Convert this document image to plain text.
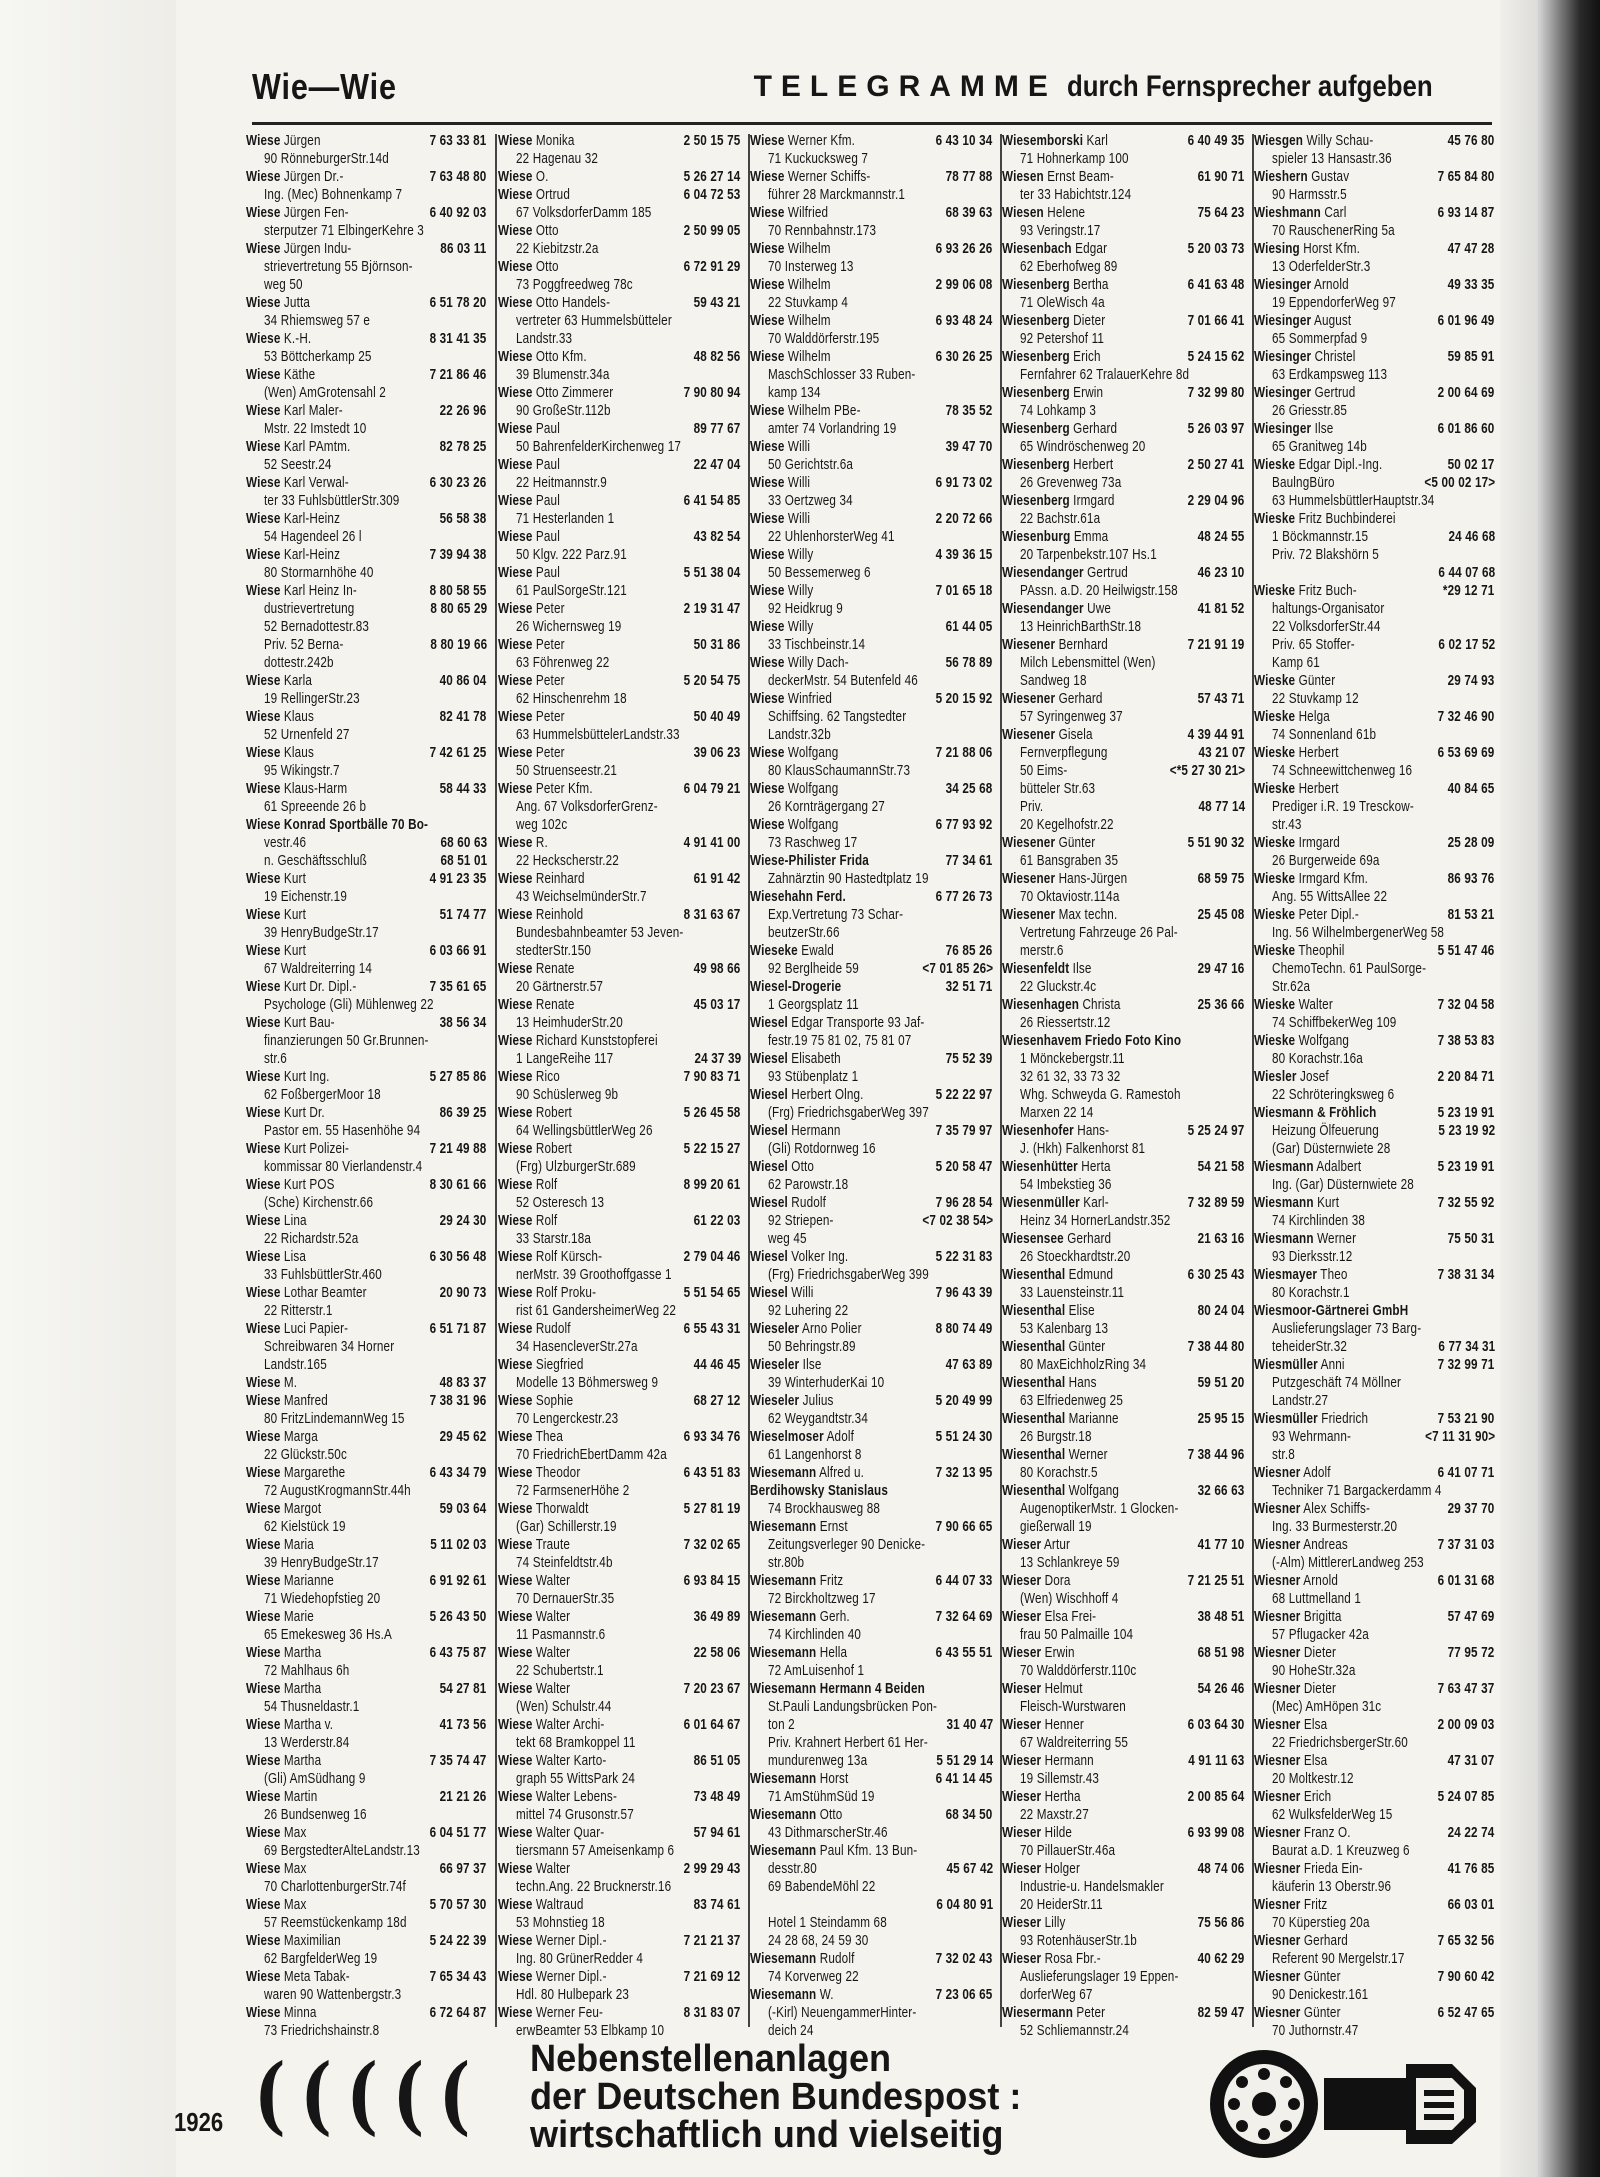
Wie—Wie	TELEGRAMME durch Fernsprecher aufgeben
Wiese Jürgen	7 63 33 81
90 RönneburgerStr.14d
Wiese Jürgen Dr.-	7 63 48 80
Ing. (Mec) Bohnenkamp 7
Wiese Jürgen Fen-	6 40 92 03
sterputzer 71 ElbingerKehre 3
Wiese Jürgen Indu-	86 03 11
strievertretung 55 Björnson-
weg 50
Wiese Jutta	6 51 78 20
34 Rhiemsweg 57 e
Wiese K.-H.	8 31 41 35
53 Böttcherkamp 25
Wiese Käthe	7 21 86 46
(Wen) AmGrotensahl 2
Wiese Karl Maler-	22 26 96
Mstr. 22 Imstedt 10
Wiese Karl PAmtm.	82 78 25
52 Seestr.24
Wiese Karl Verwal-	6 30 23 26
ter 33 FuhlsbüttlerStr.309
Wiese Karl-Heinz	56 58 38
54 Hagendeel 26 l
Wiese Karl-Heinz	7 39 94 38
80 Stormarnhöhe 40
Wiese Karl Heinz In-	8 80 58 55
dustrievertretung	8 80 65 29
52 Bernadottestr.83
Priv. 52 Berna-	8 80 19 66
dottestr.242b
Wiese Karla	40 86 04
19 RellingerStr.23
Wiese Klaus	82 41 78
52 Urnenfeld 27
Wiese Klaus	7 42 61 25
95 Wikingstr.7
Wiese Klaus-Harm	58 44 33
61 Spreeende 26 b
Wiese Konrad Sportbälle 70 Bo-
vestr.46	68 60 63
n. Geschäftsschluß	68 51 01
Wiese Kurt	4 91 23 35
19 Eichenstr.19
Wiese Kurt	51 74 77
39 HenryBudgeStr.17
Wiese Kurt	6 03 66 91
67 Waldreiterring 14
Wiese Kurt Dr. Dipl.-	7 35 61 65
Psychologe (Gli) Mühlenweg 22
Wiese Kurt Bau-	38 56 34
finanzierungen 50 Gr.Brunnen-
str.6
Wiese Kurt Ing.	5 27 85 86
62 FoßbergerMoor 18
Wiese Kurt Dr.	86 39 25
Pastor em. 55 Hasenhöhe 94
Wiese Kurt Polizei-	7 21 49 88
kommissar 80 Vierlandenstr.4
Wiese Kurt POS	8 30 61 66
(Sche) Kirchenstr.66
Wiese Lina	29 24 30
22 Richardstr.52a
Wiese Lisa	6 30 56 48
33 FuhlsbüttlerStr.460
Wiese Lothar Beamter	20 90 73
22 Ritterstr.1
Wiese Luci Papier-	6 51 71 87
Schreibwaren 34 Horner
Landstr.165
Wiese M.	48 83 37
Wiese Manfred	7 38 31 96
80 FritzLindemannWeg 15
Wiese Marga	29 45 62
22 Glückstr.50c
Wiese Margarethe	6 43 34 79
72 AugustKrogmannStr.44h
Wiese Margot	59 03 64
62 Kielstück 19
Wiese Maria	5 11 02 03
39 HenryBudgeStr.17
Wiese Marianne	6 91 92 61
71 Wiedehopfstieg 20
Wiese Marie	5 26 43 50
65 Emekesweg 36 Hs.A
Wiese Martha	6 43 75 87
72 Mahlhaus 6h
Wiese Martha	54 27 81
54 Thusneldastr.1
Wiese Martha v.	41 73 56
13 Werderstr.84
Wiese Martha	7 35 74 47
(Gli) AmSüdhang 9
Wiese Martin	21 21 26
26 Bundsenweg 16
Wiese Max	6 04 51 77
69 BergstedterAlteLandstr.13
Wiese Max	66 97 37
70 CharlottenburgerStr.74f
Wiese Max	5 70 57 30
57 Reemstückenkamp 18d
Wiese Maximilian	5 24 22 39
62 BargfelderWeg 19
Wiese Meta Tabak-	7 65 34 43
waren 90 Wattenbergstr.3
Wiese Minna	6 72 64 87
73 Friedrichshainstr.8
Wiese Monika	2 50 15 75
22 Hagenau 32
Wiese O.	5 26 27 14
Wiese Ortrud	6 04 72 53
67 VolksdorferDamm 185
Wiese Otto	2 50 99 05
22 Kiebitzstr.2a
Wiese Otto	6 72 91 29
73 Poggfreedweg 78c
Wiese Otto Handels-	59 43 21
vertreter 63 Hummelsbütteler
Landstr.33
Wiese Otto Kfm.	48 82 56
39 Blumenstr.34a
Wiese Otto Zimmerer	7 90 80 94
90 GroßeStr.112b
Wiese Paul	89 77 67
50 BahrenfelderKirchenweg 17
Wiese Paul	22 47 04
22 Heitmannstr.9
Wiese Paul	6 41 54 85
71 Hesterlanden 1
Wiese Paul	43 82 54
50 Klgv. 222 Parz.91
Wiese Paul	5 51 38 04
61 PaulSorgeStr.121
Wiese Peter	2 19 31 47
26 Wichernsweg 19
Wiese Peter	50 31 86
63 Föhrenweg 22
Wiese Peter	5 20 54 75
62 Hinschenrehm 18
Wiese Peter	50 40 49
63 HummelsbüttelerLandstr.33
Wiese Peter	39 06 23
50 Struenseestr.21
Wiese Peter Kfm.	6 04 79 21
Ang. 67 VolksdorferGrenz-
weg 102c
Wiese R.	4 91 41 00
22 Heckscherstr.22
Wiese Reinhard	61 91 42
43 WeichselmünderStr.7
Wiese Reinhold	8 31 63 67
Bundesbahnbeamter 53 Jeven-
stedterStr.150
Wiese Renate	49 98 66
20 Gärtnerstr.57
Wiese Renate	45 03 17
13 HeimhuderStr.20
Wiese Richard Kunststopferei
1 LangeReihe 117	24 37 39
Wiese Rico	7 90 83 71
90 Schüslerweg 9b
Wiese Robert	5 26 45 58
64 WellingsbüttlerWeg 26
Wiese Robert	5 22 15 27
(Frg) UlzburgerStr.689
Wiese Rolf	8 99 20 61
52 Osteresch 13
Wiese Rolf	61 22 03
33 Starstr.18a
Wiese Rolf Kürsch-	2 79 04 46
nerMstr. 39 Groothoffgasse 1
Wiese Rolf Proku-	5 51 54 65
rist 61 GandersheimerWeg 22
Wiese Rudolf	6 55 43 31
34 HasencleverStr.27a
Wiese Siegfried	44 46 45
Modelle 13 Böhmersweg 9
Wiese Sophie	68 27 12
70 Lengerckestr.23
Wiese Thea	6 93 34 76
70 FriedrichEbertDamm 42a
Wiese Theodor	6 43 51 83
72 FarmsenerHöhe 2
Wiese Thorwaldt	5 27 81 19
(Gar) Schillerstr.19
Wiese Traute	7 32 02 65
74 Steinfeldtstr.4b
Wiese Walter	6 93 84 15
70 DernauerStr.35
Wiese Walter	36 49 89
11 Pasmannstr.6
Wiese Walter	22 58 06
22 Schubertstr.1
Wiese Walter	7 20 23 67
(Wen) Schulstr.44
Wiese Walter Archi-	6 01 64 67
tekt 68 Bramkoppel 11
Wiese Walter Karto-	86 51 05
graph 55 WittsPark 24
Wiese Walter Lebens-	73 48 49
mittel 74 Grusonstr.57
Wiese Walter Quar-	57 94 61
tiersmann 57 Ameisenkamp 6
Wiese Walter	2 99 29 43
techn.Ang. 22 Brucknerstr.16
Wiese Waltraud	83 74 61
53 Mohnstieg 18
Wiese Werner Dipl.-	7 21 21 37
Ing. 80 GrünerRedder 4
Wiese Werner Dipl.-	7 21 69 12
Hdl. 80 Hulbepark 23
Wiese Werner Feu-	8 31 83 07
erwBeamter 53 Elbkamp 10
Wiese Werner Kfm.	6 43 10 34
71 Kuckucksweg 7
Wiese Werner Schiffs-	78 77 88
führer 28 Marckmannstr.1
Wiese Wilfried	68 39 63
70 Rennbahnstr.173
Wiese Wilhelm	6 93 26 26
70 Insterweg 13
Wiese Wilhelm	2 99 06 08
22 Stuvkamp 4
Wiese Wilhelm	6 93 48 24
70 Walddörferstr.195
Wiese Wilhelm	6 30 26 25
MaschSchlosser 33 Ruben-
kamp 134
Wiese Wilhelm PBe-	78 35 52
amter 74 Vorlandring 19
Wiese Willi	39 47 70
50 Gerichtstr.6a
Wiese Willi	6 91 73 02
33 Oertzweg 34
Wiese Willi	2 20 72 66
22 UhlenhorsterWeg 41
Wiese Willy	4 39 36 15
50 Bessemerweg 6
Wiese Willy	7 01 65 18
92 Heidkrug 9
Wiese Willy	61 44 05
33 Tischbeinstr.14
Wiese Willy Dach-	56 78 89
deckerMstr. 54 Butenfeld 46
Wiese Winfried	5 20 15 92
Schiffsing. 62 Tangstedter
Landstr.32b
Wiese Wolfgang	7 21 88 06
80 KlausSchaumannStr.73
Wiese Wolfgang	34 25 68
26 Kornträgergang 27
Wiese Wolfgang	6 77 93 92
73 Raschweg 17
Wiese-Philister Frida	77 34 61
Zahnärztin 90 Hastedtplatz 19
Wiesehahn Ferd.	6 77 26 73
Exp.Vertretung 73 Schar-
beutzerStr.66
Wieseke Ewald	76 85 26
92 Berglheide 59	<7 01 85 26>
Wiesel-Drogerie	32 51 71
1 Georgsplatz 11
Wiesel Edgar Transporte 93 Jaf-
festr.19 75 81 02, 75 81 07
Wiesel Elisabeth	75 52 39
93 Stübenplatz 1
Wiesel Herbert Olng.	5 22 22 97
(Frg) FriedrichsgaberWeg 397
Wiesel Hermann	7 35 79 97
(Gli) Rotdornweg 16
Wiesel Otto	5 20 58 47
62 Parowstr.18
Wiesel Rudolf	7 96 28 54
92 Striepen-	<7 02 38 54>
weg 45
Wiesel Volker Ing.	5 22 31 83
(Frg) FriedrichsgaberWeg 399
Wiesel Willi	7 96 43 39
92 Luhering 22
Wieseler Arno Polier	8 80 74 49
50 Behringstr.89
Wieseler Ilse	47 63 89
39 WinterhuderKai 10
Wieseler Julius	5 20 49 99
62 Weygandtstr.34
Wieselmoser Adolf	5 51 24 30
61 Langenhorst 8
Wiesemann Alfred u.	7 32 13 95
Berdihowsky Stanislaus
74 Brockhausweg 88
Wiesemann Ernst	7 90 66 65
Zeitungsverleger 90 Denicke-
str.80b
Wiesemann Fritz	6 44 07 33
72 Birckholtzweg 17
Wiesemann Gerh.	7 32 64 69
74 Kirchlinden 40
Wiesemann Hella	6 43 55 51
72 AmLuisenhof 1
Wiesemann Hermann 4 Beiden
St.Pauli Landungsbrücken Pon-
ton 2	31 40 47
Priv. Krahnert Herbert 61 Her-
mundurenweg 13a	5 51 29 14
Wiesemann Horst	6 41 14 45
71 AmStühmSüd 19
Wiesemann Otto	68 34 50
43 DithmarscherStr.46
Wiesemann Paul Kfm. 13 Bun-
desstr.80	45 67 42
69 BabendeMöhl 22
6 04 80 91
Hotel 1 Steindamm 68
24 28 68, 24 59 30
Wiesemann Rudolf	7 32 02 43
74 Korverweg 22
Wiesemann W.	7 23 06 65
(-Kirl) NeuengammerHinter-
deich 24
Wiesemborski Karl	6 40 49 35
71 Hohnerkamp 100
Wiesen Ernst Beam-	61 90 71
ter 33 Habichtstr.124
Wiesen Helene	75 64 23
93 Veringstr.17
Wiesenbach Edgar	5 20 03 73
62 Eberhofweg 89
Wiesenberg Bertha	6 41 63 48
71 OleWisch 4a
Wiesenberg Dieter	7 01 66 41
92 Petershof 11
Wiesenberg Erich	5 24 15 62
Fernfahrer 62 TralauerKehre 8d
Wiesenberg Erwin	7 32 99 80
74 Lohkamp 3
Wiesenberg Gerhard	5 26 03 97
65 Windröschenweg 20
Wiesenberg Herbert	2 50 27 41
26 Grevenweg 73a
Wiesenberg Irmgard	2 29 04 96
22 Bachstr.61a
Wiesenburg Emma	48 24 55
20 Tarpenbekstr.107 Hs.1
Wiesendanger Gertrud	46 23 10
PAssn. a.D. 20 Heilwigstr.158
Wiesendanger Uwe	41 81 52
13 HeinrichBarthStr.18
Wiesener Bernhard	7 21 91 19
Milch Lebensmittel (Wen)
Sandweg 18
Wiesener Gerhard	57 43 71
57 Syringenweg 37
Wiesener Gisela	4 39 44 91
Fernverpflegung	43 21 07
50 Eims-	<*5 27 30 21>
bütteler Str.63
Priv.	48 77 14
20 Kegelhofstr.22
Wiesener Günter	5 51 90 32
61 Bansgraben 35
Wiesener Hans-Jürgen	68 59 75
70 Oktaviostr.114a
Wiesener Max techn.	25 45 08
Vertretung Fahrzeuge 26 Pal-
merstr.6
Wiesenfeldt Ilse	29 47 16
22 Gluckstr.4c
Wiesenhagen Christa	25 36 66
26 Riessertstr.12
Wiesenhavem Friedo Foto Kino
1 Mönckebergstr.11
32 61 32, 33 73 32
Whg. Schweyda G. Ramestoh
Marxen 22 14
Wiesenhofer Hans-	5 25 24 97
J. (Hkh) Falkenhorst 81
Wiesenhütter Herta	54 21 58
54 Imbekstieg 36
Wiesenmüller Karl-	7 32 89 59
Heinz 34 HornerLandstr.352
Wiesensee Gerhard	21 63 16
26 Stoeckhardtstr.20
Wiesenthal Edmund	6 30 25 43
33 Lauensteinstr.11
Wiesenthal Elise	80 24 04
53 Kalenbarg 13
Wiesenthal Günter	7 38 44 80
80 MaxEichholzRing 34
Wiesenthal Hans	59 51 20
63 Elfriedenweg 25
Wiesenthal Marianne	25 95 15
26 Burgstr.18
Wiesenthal Werner	7 38 44 96
80 Korachstr.5
Wiesenthal Wolfgang	32 66 63
AugenoptikerMstr. 1 Glocken-
gießerwall 19
Wieser Artur	41 77 10
13 Schlankreye 59
Wieser Dora	7 21 25 51
(Wen) Wischhoff 4
Wieser Elsa Frei-	38 48 51
frau 50 Palmaille 104
Wieser Erwin	68 51 98
70 Walddörferstr.110c
Wieser Helmut	54 26 46
Fleisch-Wurstwaren
Wieser Henner	6 03 64 30
67 Waldreiterring 55
Wieser Hermann	4 91 11 63
19 Sillemstr.43
Wieser Hertha	2 00 85 64
22 Maxstr.27
Wieser Hilde	6 93 99 08
70 PillauerStr.46a
Wieser Holger	48 74 06
Industrie-u. Handelsmakler
20 HeiderStr.11
Wieser Lilly	75 56 86
93 RotenhäuserStr.1b
Wieser Rosa Fbr.-	40 62 29
Auslieferungslager 19 Eppen-
dorferWeg 67
Wiesermann Peter	82 59 47
52 Schliemannstr.24
Wiesgen Willy Schau-	45 76 80
spieler 13 Hansastr.36
Wieshern Gustav	7 65 84 80
90 Harmsstr.5
Wieshmann Carl	6 93 14 87
70 RauschenerRing 5a
Wiesing Horst Kfm.	47 47 28
13 OderfelderStr.3
Wiesinger Arnold	49 33 35
19 EppendorferWeg 97
Wiesinger August	6 01 96 49
65 Sommerpfad 9
Wiesinger Christel	59 85 91
63 Erdkampsweg 113
Wiesinger Gertrud	2 00 64 69
26 Griesstr.85
Wiesinger Ilse	6 01 86 60
65 Granitweg 14b
Wieske Edgar Dipl.-Ing.	50 02 17
BaulngBüro	<5 00 02 17>
63 HummelsbüttlerHauptstr.34
Wieske Fritz Buchbinderei
1 Böckmannstr.15	24 46 68
Priv. 72 Blakshörn 5
6 44 07 68
Wieske Fritz Buch-	*29 12 71
haltungs-Organisator
22 VolksdorferStr.44
Priv. 65 Stoffer-	6 02 17 52
Kamp 61
Wieske Günter	29 74 93
22 Stuvkamp 12
Wieske Helga	7 32 46 90
74 Sonnenland 61b
Wieske Herbert	6 53 69 69
74 Schneewittchenweg 16
Wieske Herbert	40 84 65
Prediger i.R. 19 Tresckow-
str.43
Wieske Irmgard	25 28 09
26 Burgerweide 69a
Wieske Irmgard Kfm.	86 93 76
Ang. 55 WittsAllee 22
Wieske Peter Dipl.-	81 53 21
Ing. 56 WilhelmbergenerWeg 58
Wieske Theophil	5 51 47 46
ChemoTechn. 61 PaulSorge-
Str.62a
Wieske Walter	7 32 04 58
74 SchiffbekerWeg 109
Wieske Wolfgang	7 38 53 83
80 Korachstr.16a
Wiesler Josef	2 20 84 71
22 Schröteringksweg 6
Wiesmann & Fröhlich	5 23 19 91
Heizung Ölfeuerung	5 23 19 92
(Gar) Düsternwiete 28
Wiesmann Adalbert	5 23 19 91
Ing. (Gar) Düsternwiete 28
Wiesmann Kurt	7 32 55 92
74 Kirchlinden 38
Wiesmann Werner	75 50 31
93 Dierksstr.12
Wiesmayer Theo	7 38 31 34
80 Korachstr.1
Wiesmoor-Gärtnerei GmbH
Auslieferungslager 73 Barg-
teheiderStr.32	6 77 34 31
Wiesmüller Anni	7 32 99 71
Putzgeschäft 74 Möllner
Landstr.27
Wiesmüller Friedrich	7 53 21 90
93 Wehrmann-	<7 11 31 90>
str.8
Wiesner Adolf	6 41 07 71
Techniker 71 Bargackerdamm 4
Wiesner Alex Schiffs-	29 37 70
Ing. 33 Burmesterstr.20
Wiesner Andreas	7 37 31 03
(-Alm) MittlererLandweg 253
Wiesner Arnold	6 01 31 68
68 Luttmelland 1
Wiesner Brigitta	57 47 69
57 Pflugacker 42a
Wiesner Dieter	77 95 72
90 HoheStr.32a
Wiesner Dieter	7 63 47 37
(Mec) AmHöpen 31c
Wiesner Elsa	2 00 09 03
22 FriedrichsbergerStr.60
Wiesner Elsa	47 31 07
20 Moltkestr.12
Wiesner Erich	5 24 07 85
62 WulksfelderWeg 15
Wiesner Franz O.	24 22 74
Baurat a.D. 1 Kreuzweg 6
Wiesner Frieda Ein-	41 76 85
käuferin 13 Oberstr.96
Wiesner Fritz	66 03 01
70 Küperstieg 20a
Wiesner Gerhard	7 65 32 56
Referent 90 Mergelstr.17
Wiesner Günter	7 90 60 42
90 Denickestr.161
Wiesner Günter	6 52 47 65
70 Juthornstr.47
((((( Nebenstellenanlagen
der Deutschen Bundespost :
wirtschaftlich und vielseitig
1926
